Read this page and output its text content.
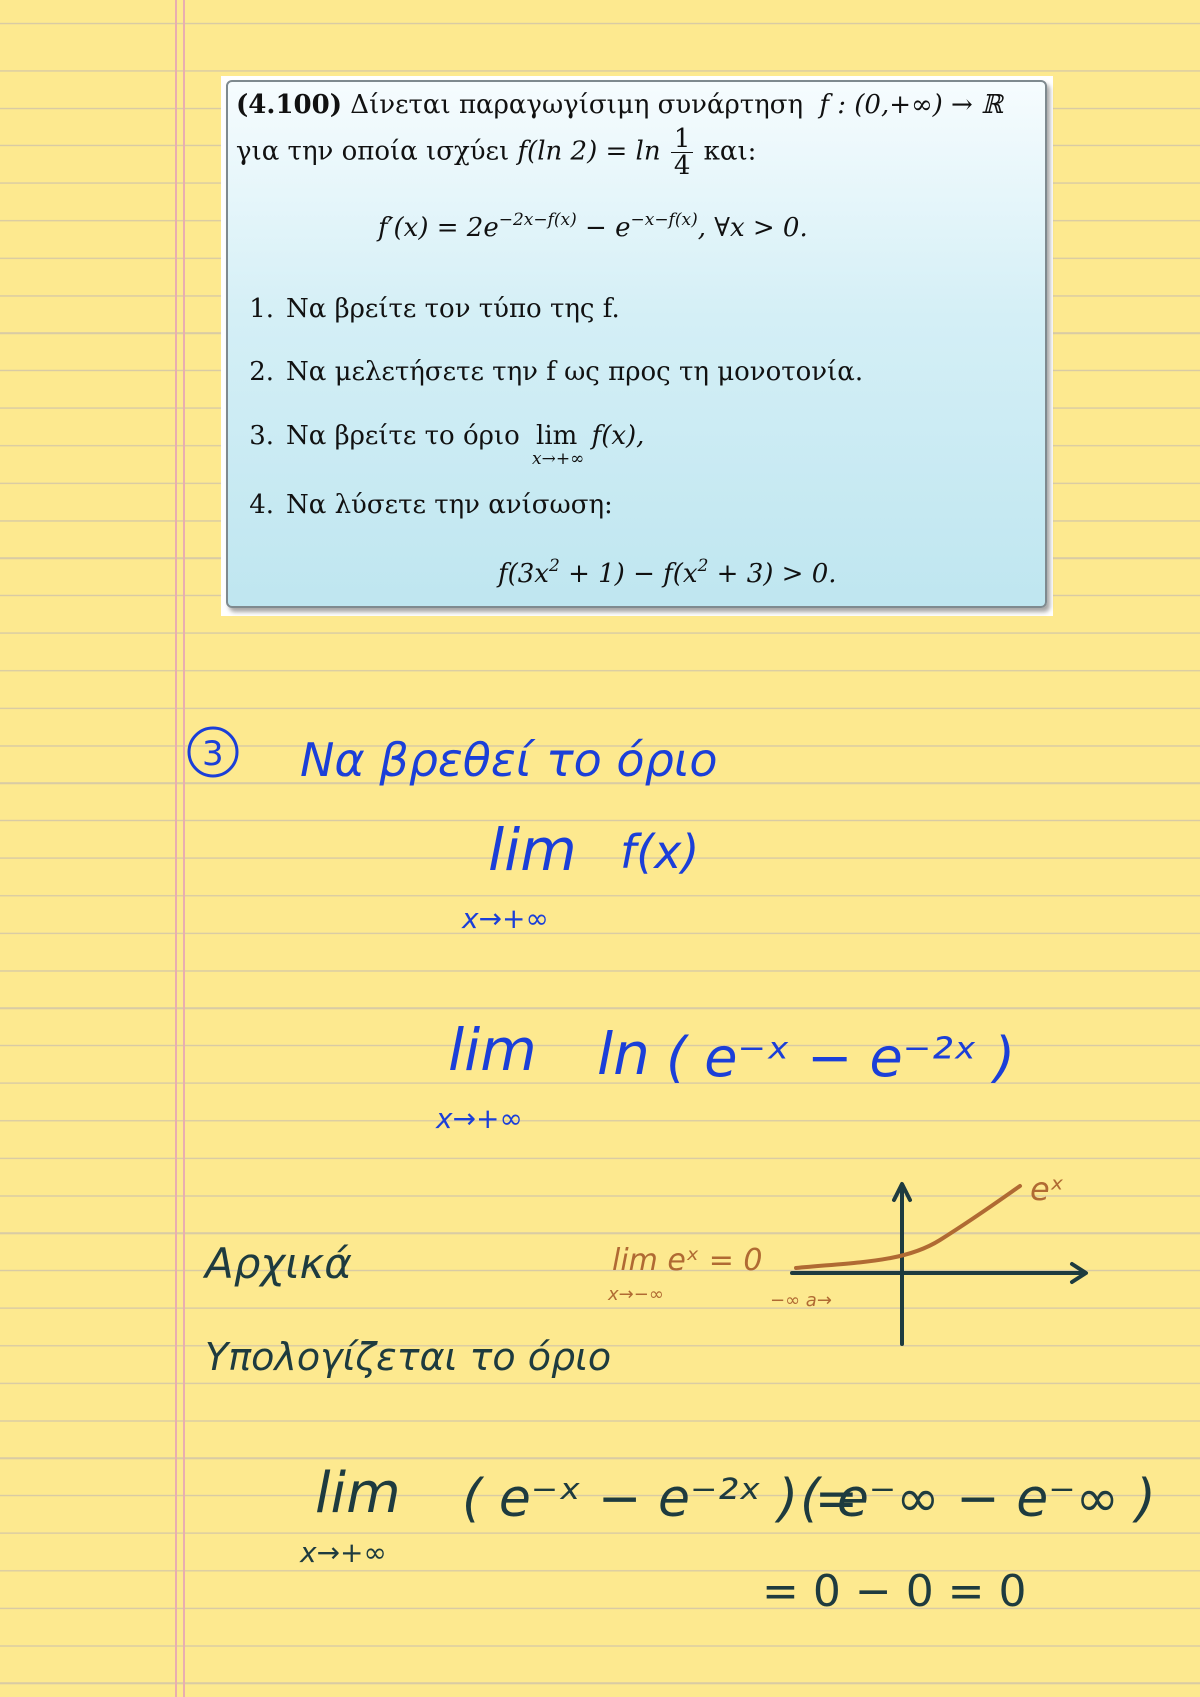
(4.100) Δίνεται παραγωγίσιμη συνάρτηση f : (0,+∞) → ℝ
για την οποία ισχύει f(ln $2) = \ln \frac{1}{4} \kappa\alpha\iota$:
$f'(x) = 2e^{-2x-f(x)} - e^{-x-f(x)}$, ∀x > 0.
1. Να βρείτε τον τύπο της f.
2. Να μελετήσετε την f ως προς τη μονοτονία.
3. Να βρείτε το όριο lim
x→+∞
f(x),
4. Να λύσετε την ανίσωση:
$f(3x^2 + 1) - f(x^2 + 3) > 0$.
3 Να βρεθεί το όριο
lim f(x)
x→+∞
lim
x→+∞
ln ( e⁻ˣ − e⁻²ˣ )
Αρχικά
Υπολογίζεται το όριο
lim
x→+∞
( e⁻ˣ − e⁻²ˣ ) =
= 0 − 0 = 0
( e⁻∞ − e⁻∞ )
lim eˣ = 0
x→−∞
eˣ
−∞ a→
